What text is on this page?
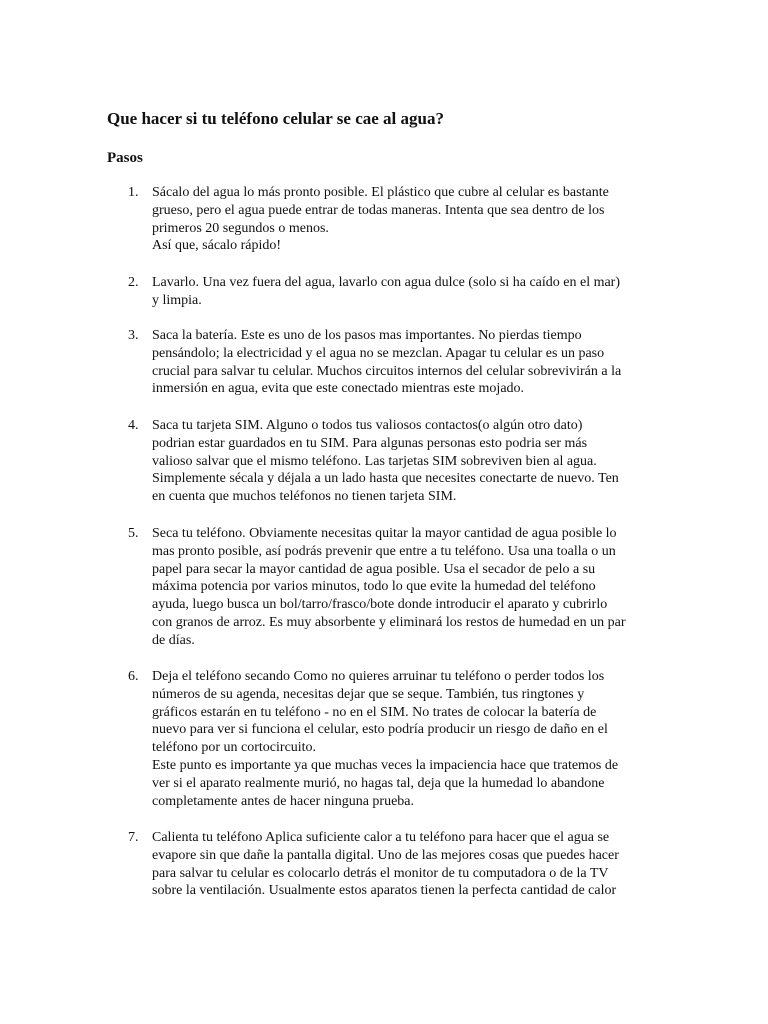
Que hacer si tu teléfono celular se cae al agua?
Pasos
1. Sácalo del agua lo más pronto posible. El plástico que cubre al celular es bastante
grueso, pero el agua puede entrar de todas maneras. Intenta que sea dentro de los
primeros 20 segundos o menos.
Así que, sácalo rápido!
2. Lavarlo. Una vez fuera del agua, lavarlo con agua dulce (solo si ha caído en el mar)
y limpia.
3. Saca la batería. Este es uno de los pasos mas importantes. No pierdas tiempo
pensándolo; la electricidad y el agua no se mezclan. Apagar tu celular es un paso
crucial para salvar tu celular. Muchos circuitos internos del celular sobrevivirán a la
inmersión en agua, evita que este conectado mientras este mojado.
4. Saca tu tarjeta SIM. Alguno o todos tus valiosos contactos(o algún otro dato)
podrian estar guardados en tu SIM. Para algunas personas esto podria ser más
valioso salvar que el mismo teléfono. Las tarjetas SIM sobreviven bien al agua.
Simplemente sécala y déjala a un lado hasta que necesites conectarte de nuevo. Ten
en cuenta que muchos teléfonos no tienen tarjeta SIM.
5. Seca tu teléfono. Obviamente necesitas quitar la mayor cantidad de agua posible lo
mas pronto posible, así podrás prevenir que entre a tu teléfono. Usa una toalla o un
papel para secar la mayor cantidad de agua posible. Usa el secador de pelo a su
máxima potencia por varios minutos, todo lo que evite la humedad del teléfono
ayuda, luego busca un bol/tarro/frasco/bote donde introducir el aparato y cubrirlo
con granos de arroz. Es muy absorbente y eliminará los restos de humedad en un par
de días.
6. Deja el teléfono secando Como no quieres arruinar tu teléfono o perder todos los
números de su agenda, necesitas dejar que se seque. También, tus ringtones y
gráficos estarán en tu teléfono - no en el SIM. No trates de colocar la batería de
nuevo para ver si funciona el celular, esto podría producir un riesgo de daño en el
teléfono por un cortocircuito.
Este punto es importante ya que muchas veces la impaciencia hace que tratemos de
ver si el aparato realmente murió, no hagas tal, deja que la humedad lo abandone
completamente antes de hacer ninguna prueba.
7. Calienta tu teléfono Aplica suficiente calor a tu teléfono para hacer que el agua se
evapore sin que dañe la pantalla digital. Uno de las mejores cosas que puedes hacer
para salvar tu celular es colocarlo detrás el monitor de tu computadora o de la TV
sobre la ventilación. Usualmente estos aparatos tienen la perfecta cantidad de calor
